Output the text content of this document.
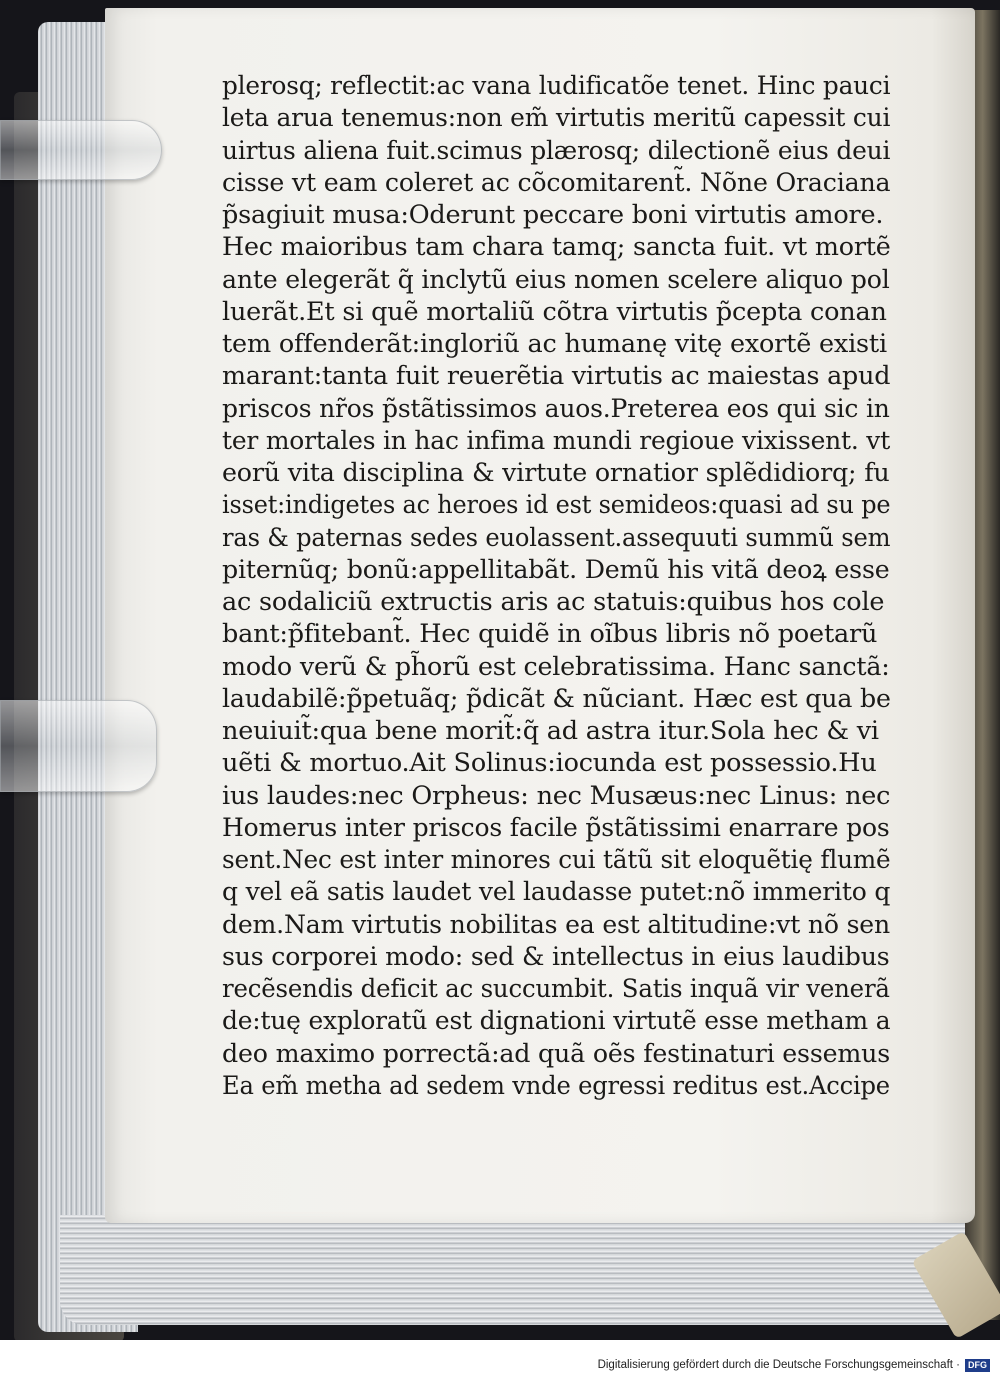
plerosq; reflectit:ac vana ludificatõe tenet. Hinc pauci
leta arua tenemus:non em̃ virtutis meritũ capessit cui
uirtus aliena fuit.scimus plærosq; dilectionẽ eius deui
cisse vt eam coleret ac cõcomitarent̃. Nõne Oraciana
p̃sagiuit musa:Oderunt peccare boni virtutis amore.
Hec maioribus tam chara tamq; sancta fuit. vt mortẽ
ante elegerãt q̃ inclytũ eius nomen scelere aliquo pol
luerãt.Et si quẽ mortaliũ cõtra virtutis p̃cepta conan
tem offenderãt:ingloriũ ac humanę vitę exortẽ existi
marant:tanta fuit reuerẽtia virtutis ac maiestas apud
priscos nr̃os p̃stãtissimos auos.Preterea eos qui sic in
ter mortales in hac infima mundi regioue vixissent. vt
eorũ vita disciplina & virtute ornatior splẽdidiorq; fu
isset:indigetes ac heroes id est semideos:quasi ad su pe
ras & paternas sedes euolassent.assequuti summũ sem
piternũq; bonũ:appellitabãt. Demũ his vitã deoꝝ esse
ac sodaliciũ extructis aris ac statuis:quibus hos cole
bant:p̃fitebant̃. Hec quidẽ in oĩbus libris nõ poetarũ
modo verũ & ph̃orũ est celebratissima. Hanc sanctã:
laudabilẽ:p̃petuãq; p̃dicãt & nũciant. Hæc est qua be
neuiuit̃:qua bene morit̃:q̃ ad astra itur.Sola hec & vi
uẽti & mortuo.Ait Solinus:iocunda est possessio.Hu
ius laudes:nec Orpheus: nec Musæus:nec Linus: nec
Homerus inter priscos facile p̃stãtissimi enarrare pos
sent.Nec est inter minores cui tãtũ sit eloquẽtię flumẽ
q vel eã satis laudet vel laudasse putet:nõ immerito q
dem.Nam virtutis nobilitas ea est altitudine:vt nõ sen
sus corporei modo: sed & intellectus in eius laudibus
recẽsendis deficit ac succumbit. Satis inquã vir venerã
de:tuę exploratũ est dignationi virtutẽ esse metham a
deo maximo porrectã:ad quã oẽs festinaturi essemus
Ea em̃ metha ad sedem vnde egressi reditus est.Accipe
Digitalisierung gefördert durch die Deutsche Forschungsgemeinschaft · DFG
